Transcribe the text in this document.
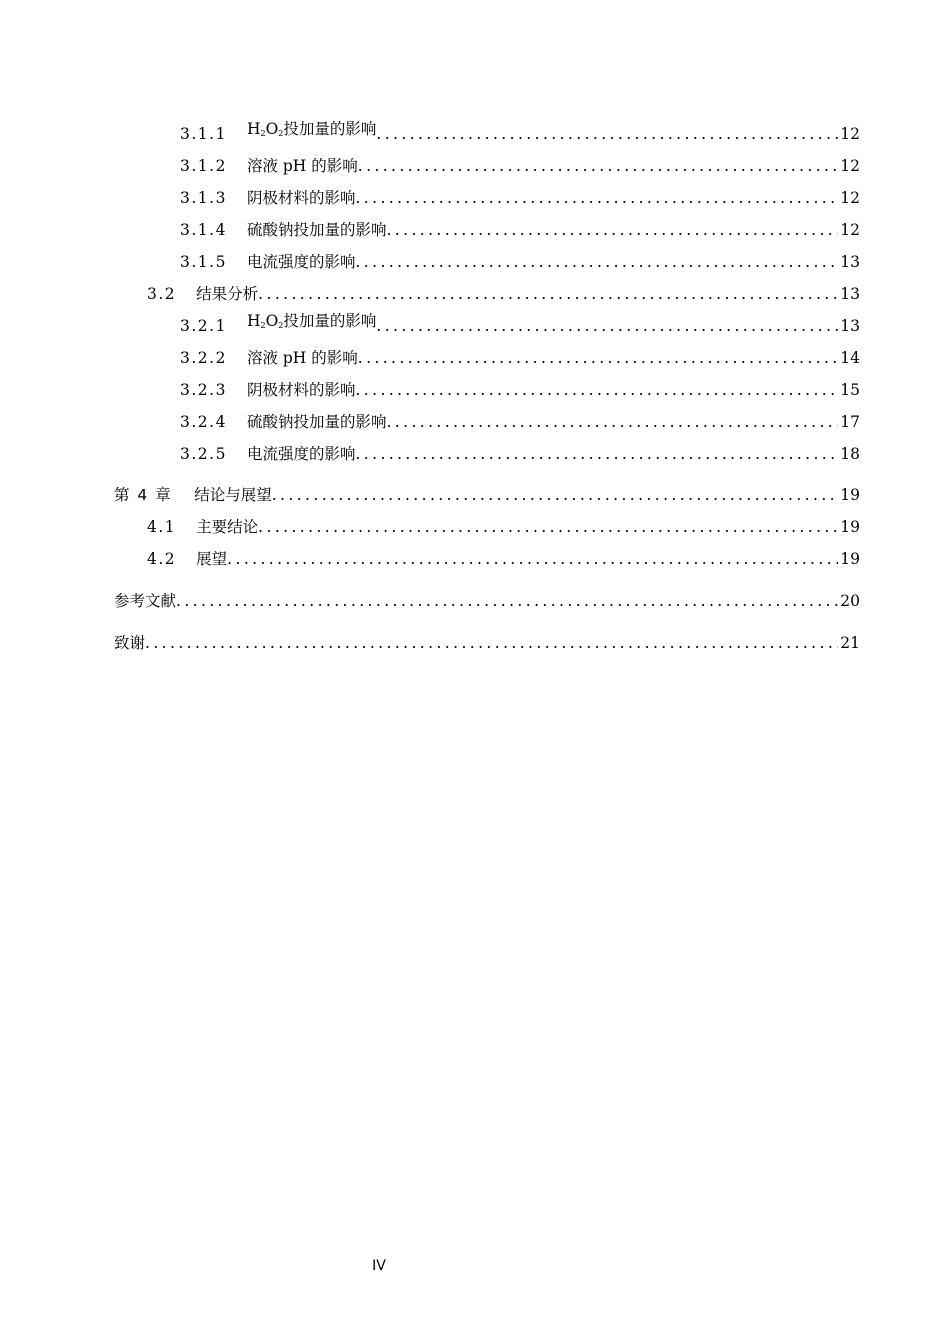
3.1.1 $H_2O_2$投加量的影响 .....	12
3.1.2 溶液 pH 的影响 .....	12
3.1.3 阴极材料的影响 .....	12
3.1.4 硫酸钠投加量的影响 .....	12
3.1.5 电流强度的影响 .....	13
3.2 结果分析 .....	13
3.2.1 $H_2O_2$投加量的影响 .....	13
3.2.2 溶液 pH 的影响 .....	14
3.2.3 阴极材料的影响 .....	15
3.2.4 硫酸钠投加量的影响 .....	17
3.2.5 电流强度的影响 .....	18
第 4 章 结论与展望 .....	19
4.1 主要结论 .....	19
4.2 展望 .....	19
参考文献 .....	20
致谢 .....	21
IV
